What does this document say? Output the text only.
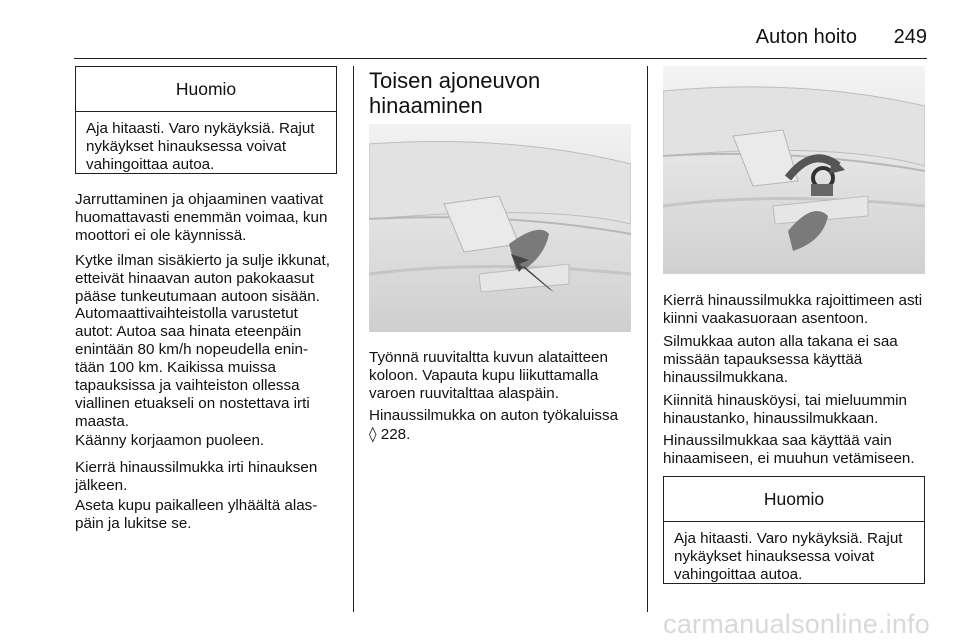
Auton hoito 249
Huomio
Aja hitaasti. Varo nykäyksiä. Rajut nykäykset hinauksessa voivat vahingoittaa autoa.

Jarruttaminen ja ohjaaminen vaativat huomattavasti enemmän voimaa, kun moottori ei ole käynnissä.

Kytke ilman sisäkierto ja sulje ikkunat, etteivät hinaavan auton pakokaasut pääse tunkeutumaan autoon sisään.

Automaattivaihteistolla varustetut autot: Autoa saa hinata eteenpäin enintään 80 km/h nopeudella enin-tään 100 km. Kaikissa muissa tapauksissa ja vaihteiston ollessa viallinen etuakseli on nostettava irti maasta.

Käänny korjaamon puoleen.

Kierrä hinaussilmukka irti hinauksen jälkeen.

Aseta kupu paikalleen ylhäältä alas-päin ja lukitse se.

Toisen ajoneuvon hinaaminen

Työnnä ruuvitaltta kuvun alataitteen koloon. Vapauta kupu liikuttamalla varoen ruuvitalttaa alaspäin.

Hinaussilmukka on auton työkaluissa
◊ 228.

Kierrä hinaussilmukka rajoittimeen asti kiinni vaakasuoraan asentoon.

Silmukkaa auton alla takana ei saa missään tapauksessa käyttää hinaussilmukkana.

Kiinnitä hinausköysi, tai mieluummin hinaustanko, hinaussilmukkaan.

Hinaussilmukkaa saa käyttää vain hinaamiseen, ei muuhun vetämiseen.

Huomio
Aja hitaasti. Varo nykäyksiä. Rajut nykäykset hinauksessa voivat vahingoittaa autoa.
carmanualsonline.info
